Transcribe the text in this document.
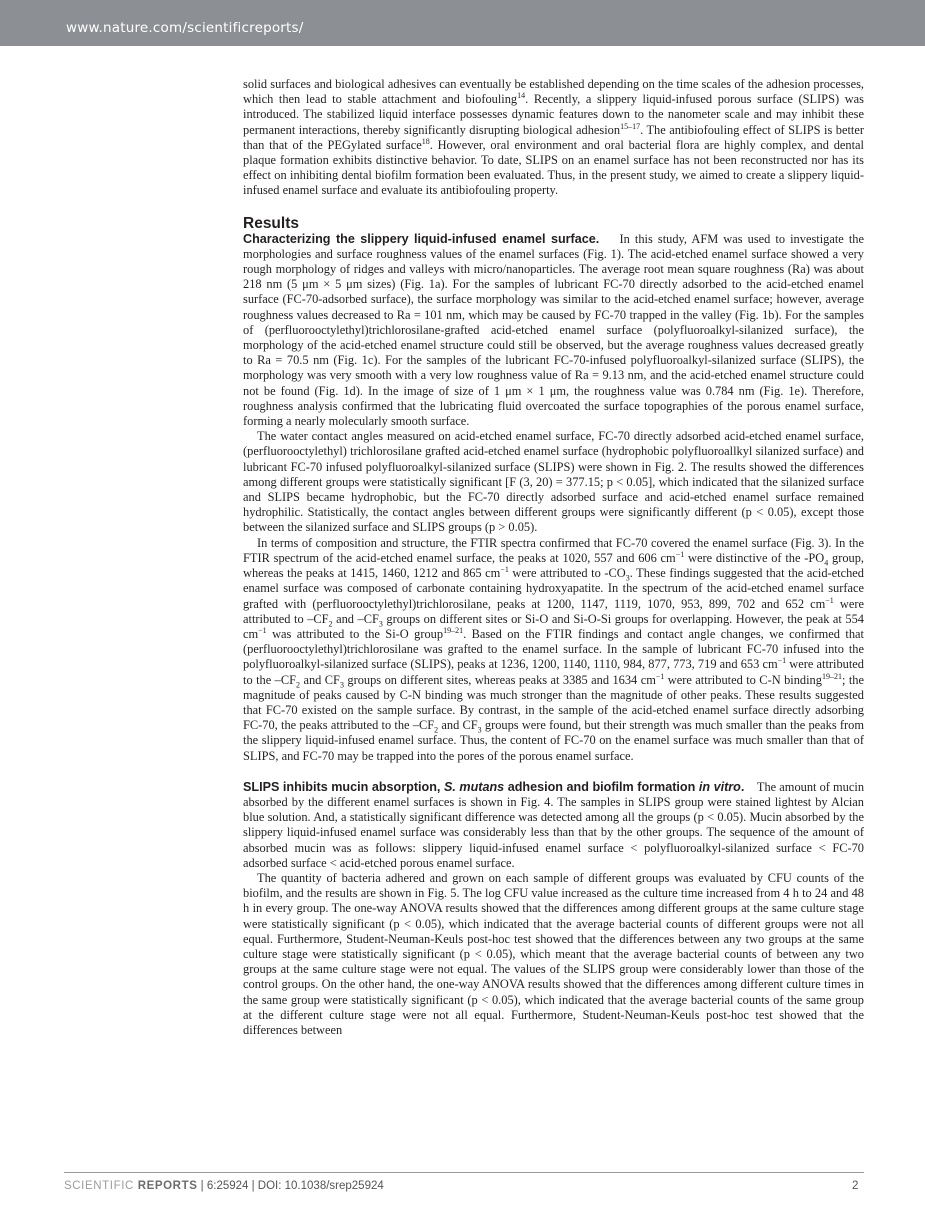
www.nature.com/scientificreports/

solid surfaces and biological adhesives can eventually be established depending on the time scales of the adhesion processes, which then lead to stable attachment and biofouling$^{14}$. Recently, a slippery liquid-infused porous surface (SLIPS) was introduced. The stabilized liquid interface possesses dynamic features down to the nanometer scale and may inhibit these permanent interactions, thereby significantly disrupting biological adhesion$^{15-17}$. The antibiofouling effect of SLIPS is better than that of the PEGylated surface$^{18}$. However, oral environment and oral bacterial flora are highly complex, and dental plaque formation exhibits distinctive behavior. To date, SLIPS on an enamel surface has not been reconstructed nor has its effect on inhibiting dental biofilm formation been evaluated. Thus, in the present study, we aimed to create a slippery liquid-infused enamel surface and evaluate its antibiofouling property.

Results

Characterizing the slippery liquid-infused enamel surface. In this study, AFM was used to investigate the morphologies and surface roughness values of the enamel surfaces (Fig. 1). The acid-etched enamel surface showed a very rough morphology of ridges and valleys with micro/nanoparticles. The average root mean square roughness (Ra) was about 218 nm (5 μm × 5 μm sizes) (Fig. 1a). For the samples of lubricant FC-70 directly adsorbed to the acid-etched enamel surface (FC-70-adsorbed surface), the surface morphology was similar to the acid-etched enamel surface; however, average roughness values decreased to Ra = 101 nm, which may be caused by FC-70 trapped in the valley (Fig. 1b). For the samples of (perfluorooctylethyl)trichlorosilane-grafted acid-etched enamel surface (polyfluoroalkyl-silanized surface), the morphology of the acid-etched enamel structure could still be observed, but the average roughness values decreased greatly to Ra = 70.5 nm (Fig. 1c). For the samples of the lubricant FC-70-infused polyfluoroalkyl-silanized surface (SLIPS), the morphology was very smooth with a very low roughness value of Ra = 9.13 nm, and the acid-etched enamel structure could not be found (Fig. 1d). In the image of size of 1 μm × 1 μm, the roughness value was 0.784 nm (Fig. 1e). Therefore, roughness analysis confirmed that the lubricating fluid overcoated the surface topographies of the porous enamel surface, forming a nearly molecularly smooth surface.

The water contact angles measured on acid-etched enamel surface, FC-70 directly adsorbed acid-etched enamel surface, (perfluorooctylethyl) trichlorosilane grafted acid-etched enamel surface (hydrophobic polyfluoroallkyl silanized surface) and lubricant FC-70 infused polyfluoroalkyl-silanized surface (SLIPS) were shown in Fig. 2. The results showed the differences among different groups were statistically significant [F (3, 20) = 377.15; p < 0.05], which indicated that the silanized surface and SLIPS became hydrophobic, but the FC-70 directly adsorbed surface and acid-etched enamel surface remained hydrophilic. Statistically, the contact angles between different groups were significantly different (p < 0.05), except those between the silanized surface and SLIPS groups (p > 0.05).

In terms of composition and structure, the FTIR spectra confirmed that FC-70 covered the enamel surface (Fig. 3). In the FTIR spectrum of the acid-etched enamel surface, the peaks at 1020, 557 and 606 $cm^{-1}$ were distinctive of the $-PO_4$ group, whereas the peaks at 1415, 1460, 1212 and 865 $cm^{-1}$ were attributed to $-CO_3$. These findings suggested that the acid-etched enamel surface was composed of carbonate containing hydroxyapatite. In the spectrum of the acid-etched enamel surface grafted with (perfluorooctylethyl)trichlorosilane, peaks at 1200, 1147, 1119, 1070, 953, 899, 702 and 652 $cm^{-1}$ were attributed to $-CF_2$ and $-CF_3$ groups on different sites or Si-O and Si-O-Si groups for overlapping. However, the peak at 554 $cm^{-1}$ was attributed to the Si-O group$^{19-21}$. Based on the FTIR findings and contact angle changes, we confirmed that (perfluorooctylethyl)trichlorosilane was grafted to the enamel surface. In the sample of lubricant FC-70 infused into the polyfluoroalkyl-silanized surface (SLIPS), peaks at 1236, 1200, 1140, 1110, 984, 877, 773, 719 and 653 $cm^{-1}$ were attributed to the $-CF_2$ and $CF_3$ groups on different sites, whereas peaks at 3385 and 1634 $cm^{-1}$ were attributed to C-N binding$^{19-21}$; the magnitude of peaks caused by C-N binding was much stronger than the magnitude of other peaks. These results suggested that FC-70 existed on the sample surface. By contrast, in the sample of the acid-etched enamel surface directly adsorbing FC-70, the peaks attributed to the $-CF_2$ and $CF_3$ groups were found, but their strength was much smaller than the peaks from the slippery liquid-infused enamel surface. Thus, the content of FC-70 on the enamel surface was much smaller than that of SLIPS, and FC-70 may be trapped into the pores of the porous enamel surface.

SLIPS inhibits mucin absorption, S. mutans adhesion and biofilm formation in vitro. The amount of mucin absorbed by the different enamel surfaces is shown in Fig. 4. The samples in SLIPS group were stained lightest by Alcian blue solution. And, a statistically significant difference was detected among all the groups (p < 0.05). Mucin absorbed by the slippery liquid-infused enamel surface was considerably less than that by the other groups. The sequence of the amount of absorbed mucin was as follows: slippery liquid-infused enamel surface < polyfluoroalkyl-silanized surface < FC-70 adsorbed surface < acid-etched porous enamel surface.

The quantity of bacteria adhered and grown on each sample of different groups was evaluated by CFU counts of the biofilm, and the results are shown in Fig. 5. The log CFU value increased as the culture time increased from 4 h to 24 and 48 h in every group. The one-way ANOVA results showed that the differences among different groups at the same culture stage were statistically significant (p < 0.05), which indicated that the average bacterial counts of different groups were not all equal. Furthermore, Student-Neuman-Keuls post-hoc test showed that the differences between any two groups at the same culture stage were statistically significant (p < 0.05), which meant that the average bacterial counts of between any two groups at the same culture stage were not equal. The values of the SLIPS group were considerably lower than those of the control groups. On the other hand, the one-way ANOVA results showed that the differences among different culture times in the same group were statistically significant (p < 0.05), which indicated that the average bacterial counts of the same group at the different culture stage were not all equal. Furthermore, Student-Neuman-Keuls post-hoc test showed that the differences between

SCIENTIFIC REPORTS | 6:25924 | DOI: 10.1038/srep25924	2
